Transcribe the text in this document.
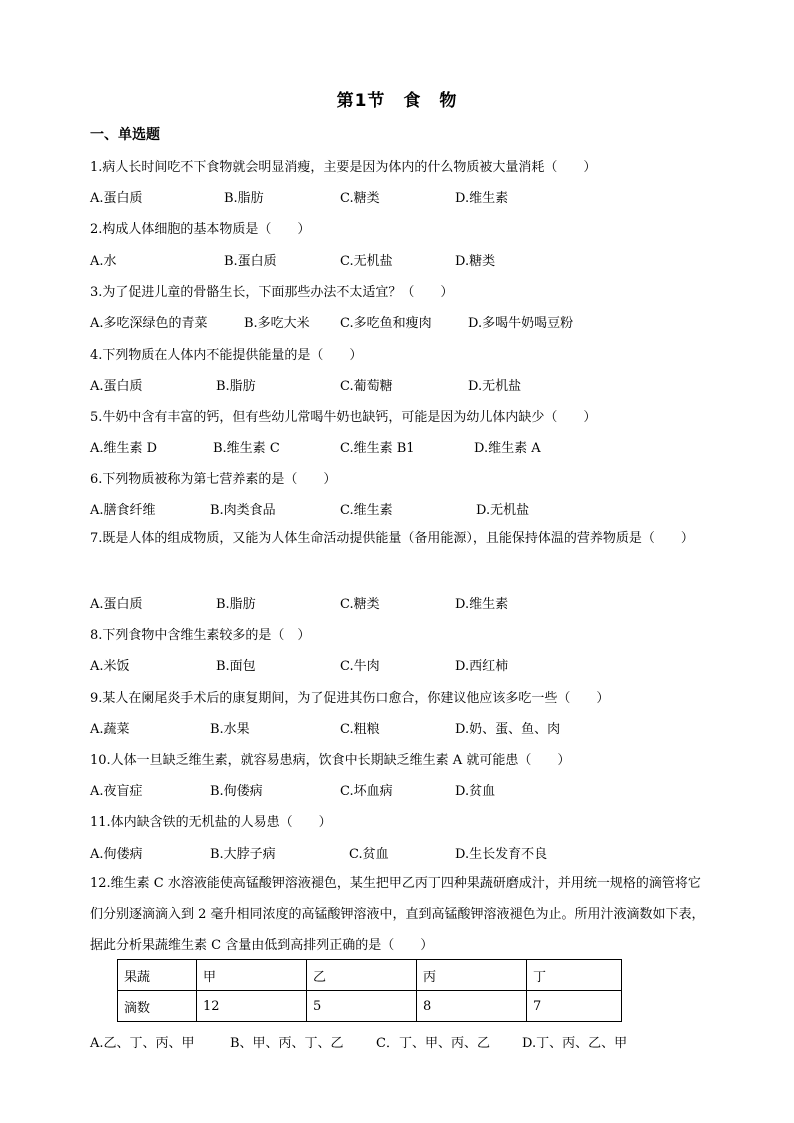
第1节　食　物
一、单选题
1.病人长时间吃不下食物就会明显消瘦，主要是因为体内的什么物质被大量消耗（　　）
A.蛋白质	B.脂肪	C.糖类	D.维生素
2.构成人体细胞的基本物质是（　　）
A.水	B.蛋白质	C.无机盐	D.糖类
3.为了促进儿童的骨骼生长，下面那些办法不太适宜？（　　）
A.多吃深绿色的青菜	B.多吃大米 C.多吃鱼和瘦肉	D.多喝牛奶喝豆粉
4.下列物质在人体内不能提供能量的是（　　）
A.蛋白质	B.脂肪	C.葡萄糖	D.无机盐
5.牛奶中含有丰富的钙，但有些幼儿常喝牛奶也缺钙，可能是因为幼儿体内缺少（　　）
A.维生素 D	B.维生素 C	C.维生素 B1	D.维生素 A
6.下列物质被称为第七营养素的是（　　）
A.膳食纤维	B.肉类食品	C.维生素	D.无机盐
7.既是人体的组成物质，又能为人体生命活动提供能量（备用能源），且能保持体温的营养物质是（　　）
A.蛋白质	B.脂肪	C.糖类	D.维生素
8.下列食物中含维生素较多的是（　）
A.米饭	B.面包	C.牛肉	D.西红柿
9.某人在阑尾炎手术后的康复期间，为了促进其伤口愈合，你建议他应该多吃一些（　　）
A.蔬菜	B.水果	C.粗粮	D.奶、蛋、鱼、肉
10.人体一旦缺乏维生素，就容易患病，饮食中长期缺乏维生素 A 就可能患（　　）
A.夜盲症	B.佝偻病	C.坏血病	D.贫血
11.体内缺含铁的无机盐的人易患（　　）
A.佝偻病	B.大脖子病	C.贫血	D.生长发育不良
12.维生素 C 水溶液能使高锰酸钾溶液褪色，某生把甲乙丙丁四种果蔬研磨成汁，并用统一规格的滴管将它们分别逐滴滴入到 2 毫升相同浓度的高锰酸钾溶液中，直到高锰酸钾溶液褪色为止。所用汁液滴数如下表，据此分析果蔬维生素 C 含量由低到高排列正确的是（　　）
果蔬	甲	乙	丙	丁
滴数	12	5	8	7
A.乙、丁、丙、甲	B、甲、丙、丁、乙 C．丁、甲、丙、乙 D.丁、丙、乙、甲
